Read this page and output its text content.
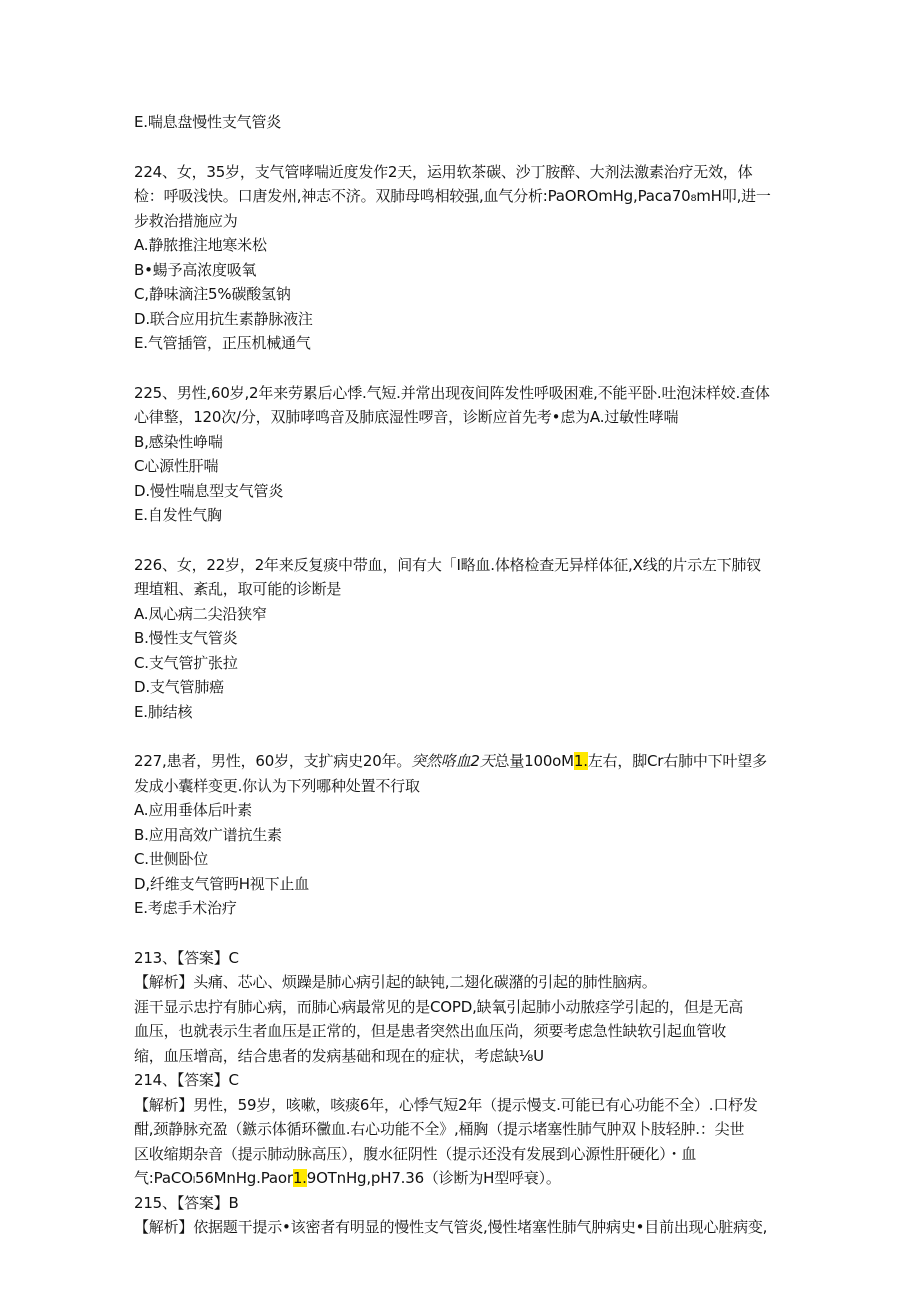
E.喘息盘慢性支气管炎
224、女，35岁，支气管哮喘近度发作2天，运用软茶碳、沙丁胺醉、大剂法激素治疗无效，体
检：呼吸浅快。口唐发州,神志不济。双肺母鸣相较强,血气分析:PaOROmHg,Paca70₈mH叩,进一
步救治措施应为
A.静脓推注地寒米松
B•蝪予高浓度吸氧
C,静味滴注5%碳酸氢钠
D.联合应用抗生素静脉液注
E.气管插管，正压机械通气
225、男性,60岁,2年来劳累后心悸.气短.并常出现夜间阵发性呼吸困难,不能平卧.吐泡沫样姣.查体
心律整，120次/分，双肺哮鸣音及肺底湿性啰音，诊断应首先考•虑为A.过敏性哮喘
B,感染性峥喘
C心源性肝喘
D.慢性喘息型支气管炎
E.自发性气胸
226、女，22岁，2年来反复痰中带血，间有大「I略血.体格检查无异样体征,X线的片示左下肺钗
理埴粗、紊乱，取可能的诊断是
A.凤心病二尖沿狭窄
B.慢性支气管炎
C.支气管扩张拉
D.支气管肺癌
E.肺结核
227,患者，男性，60岁，支扩病史20年。突然咯血2天总量100oM1.左右，脚Cr右肺中下叶望多
发成小囊样变更.你认为下列哪种处置不行取
A.应用垂体后叶素
B.应用高效广谱抗生素
C.世侧卧位
D,纤维支气管眄H视下止血
E.考虑手术治疗
213、【答案】C
【解析】头痛、芯心、烦躁是肺心病引起的缺钝,二翅化碳潴的引起的肺性脑病。
涯干显示忠拧有肺心病，而肺心病最常见的是COPD,缺氧引起肺小动脓痉学引起的，但是无高
血压，也就表示生者血压是正常的，但是患者突然出血压尚，须要考虑急性缺软引起血管收
缩，血压增高，结合患者的发病基础和现在的症状，考虑缺⅛U
214、【答案】C
【解析】男性，59岁，咳嗽，咳痰6年，心悸气短2年（提示慢支.可能已有心功能不全）.口杼发
酣,颈静脉充盈（鏃示体循环黴血.右心功能不全》,桶胸（提示堵塞性肺气肿双卜肢轻肿.：尖世
区收缩期杂音（提示肺动脉高压），腹水征阴性（提示还没有发展到心源性肝硬化）・血
气:PaCOₗ56MnHg.Paor1.9OTnHg,pH7.36（诊断为H型呼衰）。
215、【答案】B
【解析】依据题干提示•该密者有明显的慢性支气管炎,慢性堵塞性肺气肿病史•目前出现心脏病变,
